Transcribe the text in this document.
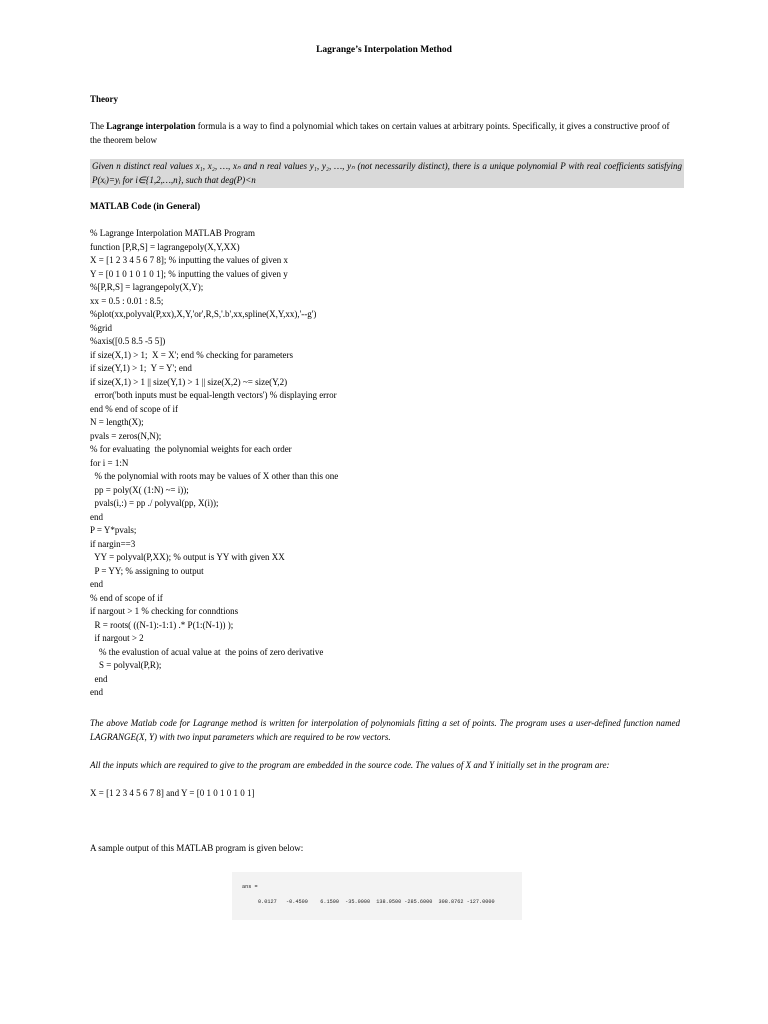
Lagrange’s Interpolation Method
Theory
The Lagrange interpolation formula is a way to find a polynomial which takes on certain values at arbitrary points. Specifically, it gives a constructive proof of the theorem below
Given n distinct real values x₁, x₂, …, xₙ and n real values y₁, y₂, …, yₙ (not necessarily distinct), there is a unique polynomial P with real coefficients satisfying P(xᵢ)=yᵢ for i∈{1,2,…,n}, such that deg(P)<n
MATLAB Code (in General)
% Lagrange Interpolation MATLAB Program
function [P,R,S] = lagrangepoly(X,Y,XX)
X = [1 2 3 4 5 6 7 8]; % inputting the values of given x
Y = [0 1 0 1 0 1 0 1]; % inputting the values of given y
%[P,R,S] = lagrangepoly(X,Y);
xx = 0.5 : 0.01 : 8.5;
%plot(xx,polyval(P,xx),X,Y,'or',R,S,'.b',xx,spline(X,Y,xx),'--g')
%grid
%axis([0.5 8.5 -5 5])
if size(X,1) > 1;  X = X'; end % checking for parameters
if size(Y,1) > 1;  Y = Y'; end
if size(X,1) > 1 || size(Y,1) > 1 || size(X,2) ~= size(Y,2)
error('both inputs must be equal-length vectors') % displaying error
end % end of scope of if
N = length(X);
pvals = zeros(N,N);
% for evaluating  the polynomial weights for each order
for i = 1:N
% the polynomial with roots may be values of X other than this one
pp = poly(X( (1:N) ~= i));
pvals(i,:) = pp ./ polyval(pp, X(i));
end
P = Y*pvals;
if nargin==3
YY = polyval(P,XX); % output is YY with given XX
P = YY; % assigning to output
end
% end of scope of if
if nargout > 1 % checking for conndtions
R = roots( ((N-1):-1:1) .* P(1:(N-1)) );
if nargout > 2
% the evalustion of acual value at  the poins of zero derivative
S = polyval(P,R);
end
end
The above Matlab code for Lagrange method is written for interpolation of polynomials fitting a set of points. The program uses a user-defined function named LAGRANGE(X, Y) with two input parameters which are required to be row vectors.
All the inputs which are required to give to the program are embedded in the source code. The values of X and Y initially set in the program are:
X = [1 2 3 4 5 6 7 8] and Y = [0 1 0 1 0 1 0 1]
A sample output of this MATLAB program is given below:
ans =
0.0127   -0.4500    6.1500  -35.0000  138.9500 -285.6000  308.8762 -127.0000
